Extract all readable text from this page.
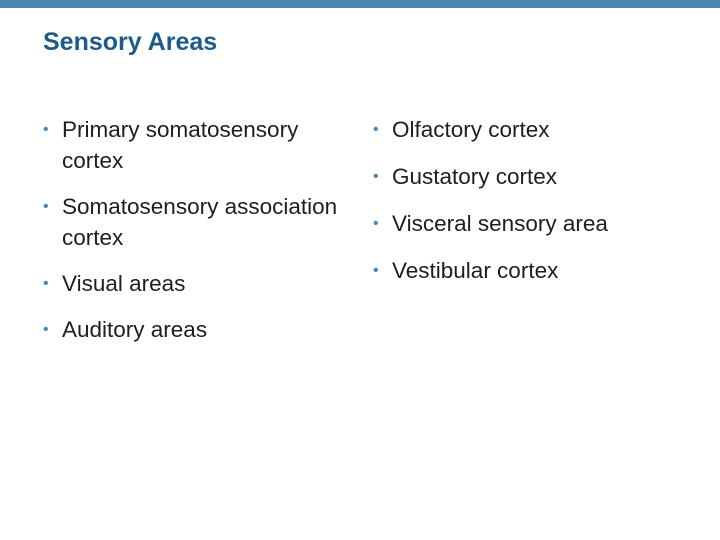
Sensory Areas
• Primary somatosensory cortex
• Somatosensory association cortex
• Visual areas
• Auditory areas
• Olfactory cortex
• Gustatory cortex
• Visceral sensory area
• Vestibular cortex
